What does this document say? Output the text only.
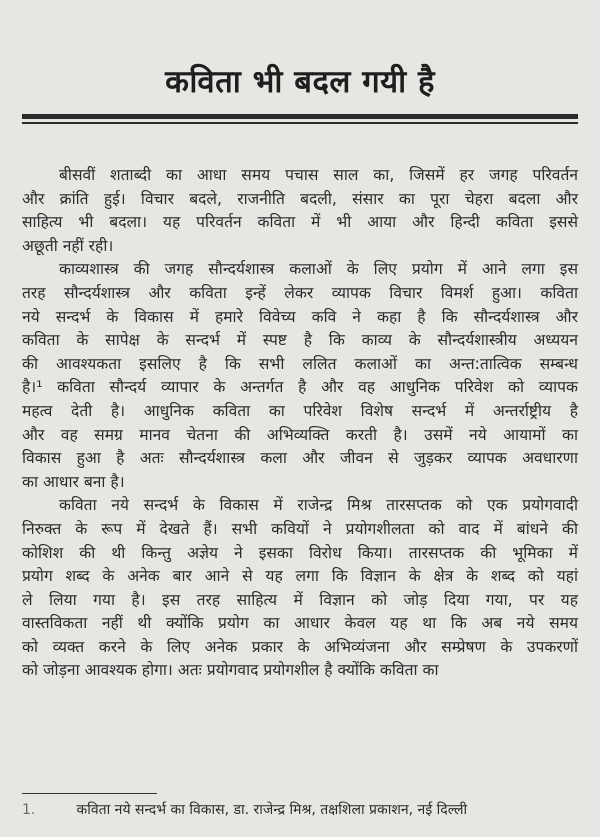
कविता भी बदल गयी है
बीसवीं शताब्दी का आधा समय पचास साल का, जिसमें हर जगह परिवर्तन
और क्रांति हुई। विचार बदले, राजनीति बदली, संसार का पूरा चेहरा बदला और
साहित्य भी बदला। यह परिवर्तन कविता में भी आया और हिन्दी कविता इससे
अछूती नहीं रही।
काव्यशास्त्र की जगह सौन्दर्यशास्त्र कलाओं के लिए प्रयोग में आने लगा इस
तरह सौन्दर्यशास्त्र और कविता इन्हें लेकर व्यापक विचार विमर्श हुआ। कविता
नये सन्दर्भ के विकास में हमारे विवेच्य कवि ने कहा है कि सौन्दर्यशास्त्र और
कविता के सापेक्ष के सन्दर्भ में स्पष्ट है कि काव्य के सौन्दर्यशास्त्रीय अध्ययन
की आवश्यकता इसलिए है कि सभी ललित कलाओं का अन्त:तात्विक सम्बन्ध
है।¹ कविता सौन्दर्य व्यापार के अन्तर्गत है और वह आधुनिक परिवेश को व्यापक
महत्व देती है। आधुनिक कविता का परिवेश विशेष सन्दर्भ में अन्तर्राष्ट्रीय है
और वह समग्र मानव चेतना की अभिव्यक्ति करती है। उसमें नये आयामों का
विकास हुआ है अतः सौन्दर्यशास्त्र कला और जीवन से जुड़कर व्यापक अवधारणा
का आधार बना है।
कविता नये सन्दर्भ के विकास में राजेन्द्र मिश्र तारसप्तक को एक प्रयोगवादी
निरुक्त के रूप में देखते हैं। सभी कवियों ने प्रयोगशीलता को वाद में बांधने की
कोशिश की थी किन्तु अज्ञेय ने इसका विरोध किया। तारसप्तक की भूमिका में
प्रयोग शब्द के अनेक बार आने से यह लगा कि विज्ञान के क्षेत्र के शब्द को यहां
ले लिया गया है। इस तरह साहित्य में विज्ञान को जोड़ दिया गया, पर यह
वास्तविकता नहीं थी क्योंकि प्रयोग का आधार केवल यह था कि अब नये समय
को व्यक्त करने के लिए अनेक प्रकार के अभिव्यंजना और सम्प्रेषण के उपकरणों
को जोड़ना आवश्यक होगा। अतः प्रयोगवाद प्रयोगशील है क्योंकि कविता का
1.	कविता नये सन्दर्भ का विकास, डा. राजेन्द्र मिश्र, तक्षशिला प्रकाशन, नई दिल्ली
